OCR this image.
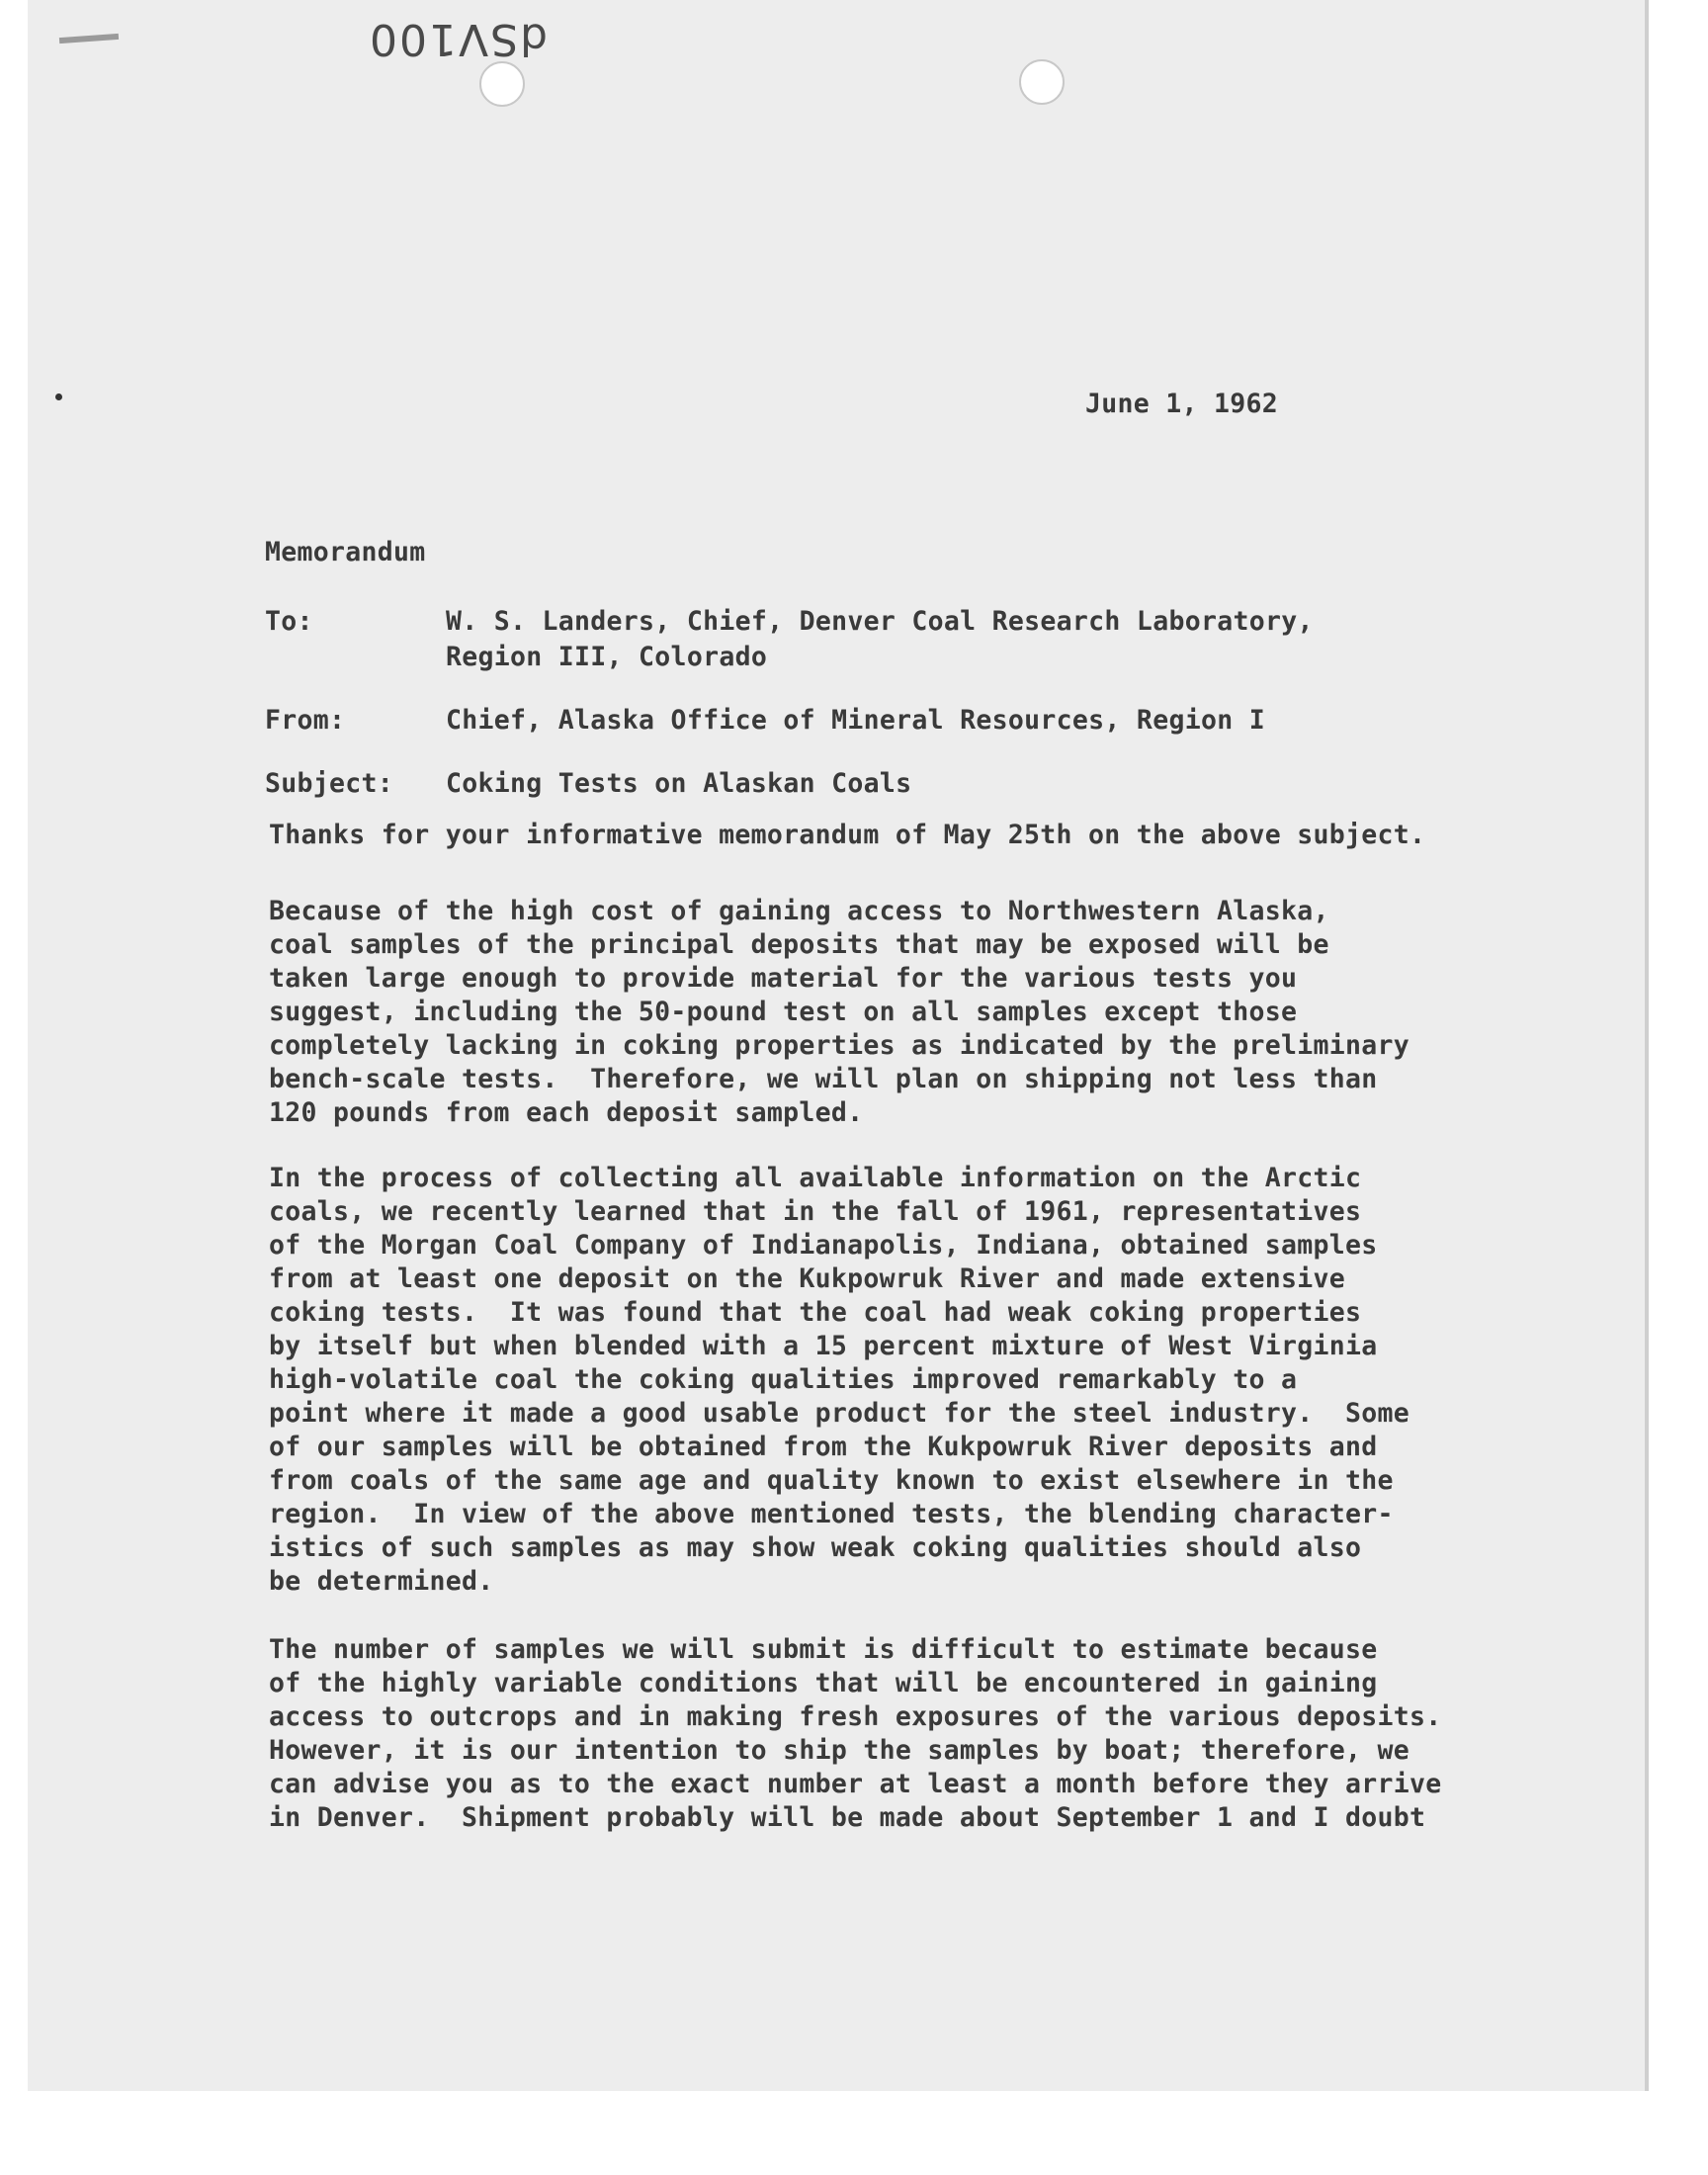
dSV100
June 1, 1962
Memorandum

To:

	W. S. Landers, Chief, Denver Coal Research Laboratory,

Region III, Colorado

From:

	Chief, Alaska Office of Mineral Resources, Region I

Subject:

Coking Tests on Alaskan Coals

Thanks for your informative memorandum of May 25th on the above subject.
Because of the high cost of gaining access to Northwestern Alaska,
coal samples of the principal deposits that may be exposed will be
taken large enough to provide material for the various tests you
suggest, including the 50-pound test on all samples except those
completely lacking in coking properties as indicated by the preliminary
bench-scale tests.  Therefore, we will plan on shipping not less than
120 pounds from each deposit sampled.
In the process of collecting all available information on the Arctic
coals, we recently learned that in the fall of 1961, representatives
of the Morgan Coal Company of Indianapolis, Indiana, obtained samples
from at least one deposit on the Kukpowruk River and made extensive
coking tests.  It was found that the coal had weak coking properties
by itself but when blended with a 15 percent mixture of West Virginia
high-volatile coal the coking qualities improved remarkably to a
point where it made a good usable product for the steel industry.  Some
of our samples will be obtained from the Kukpowruk River deposits and
from coals of the same age and quality known to exist elsewhere in the
region.  In view of the above mentioned tests, the blending character-
istics of such samples as may show weak coking qualities should also
be determined.
The number of samples we will submit is difficult to estimate because
of the highly variable conditions that will be encountered in gaining
access to outcrops and in making fresh exposures of the various deposits.
However, it is our intention to ship the samples by boat; therefore, we
can advise you as to the exact number at least a month before they arrive
in Denver.  Shipment probably will be made about September 1 and I doubt
